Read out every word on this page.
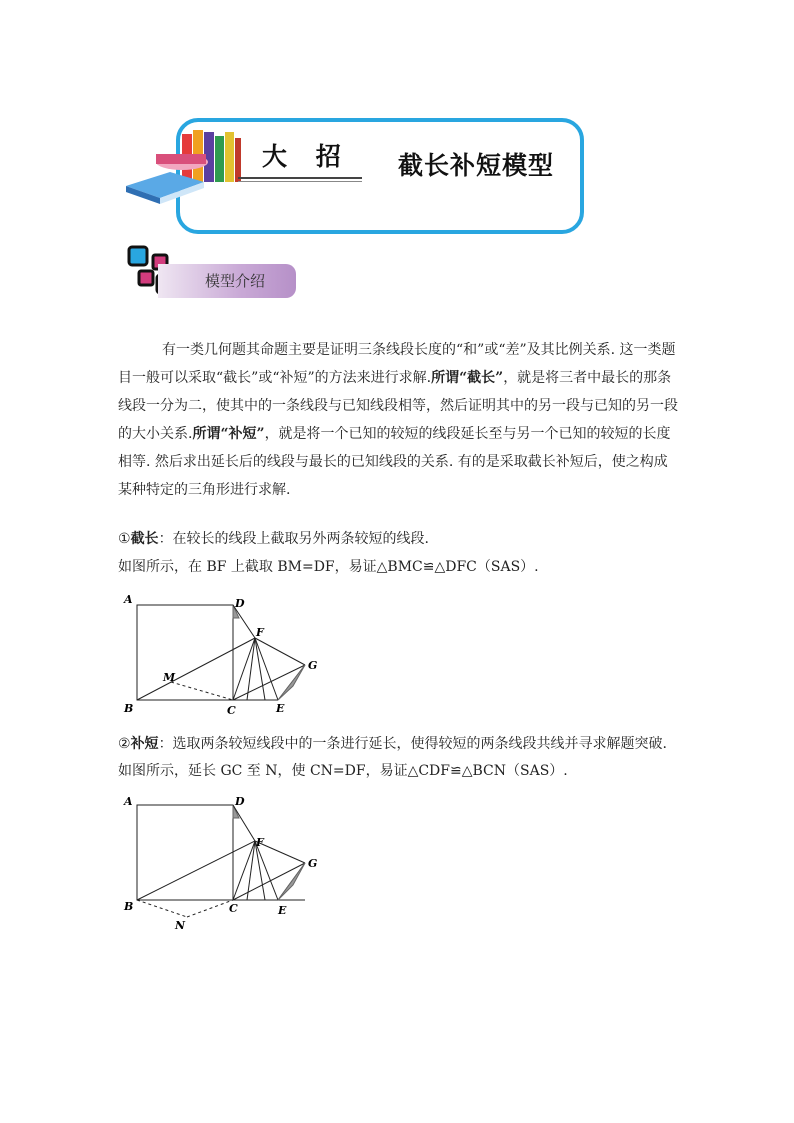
大 招 截长补短模型
模型介绍
有一类几何题其命题主要是证明三条线段长度的“和”或“差”及其比例关系. 这一类题
目一般可以采取“截长”或“补短”的方法来进行求解.所谓“截长”，就是将三者中最长的那条
线段一分为二，使其中的一条线段与已知线段相等，然后证明其中的另一段与已知的另一段
的大小关系.所谓“补短”，就是将一个已知的较短的线段延长至与另一个已知的较短的长度
相等. 然后求出延长后的线段与最长的已知线段的关系. 有的是采取截长补短后，使之构成
某种特定的三角形进行求解.
①截长：在较长的线段上截取另外两条较短的线段.
如图所示，在 BF 上截取 BM=DF，易证△BMC≌△DFC（SAS）.
A	D
F
G
M
B	C	E
②补短：选取两条较短线段中的一条进行延长，使得较短的两条线段共线并寻求解题突破.
如图所示，延长 GC 至 N，使 CN=DF，易证△CDF≌△BCN（SAS）.
A	D
F
G
B	C	E
N
